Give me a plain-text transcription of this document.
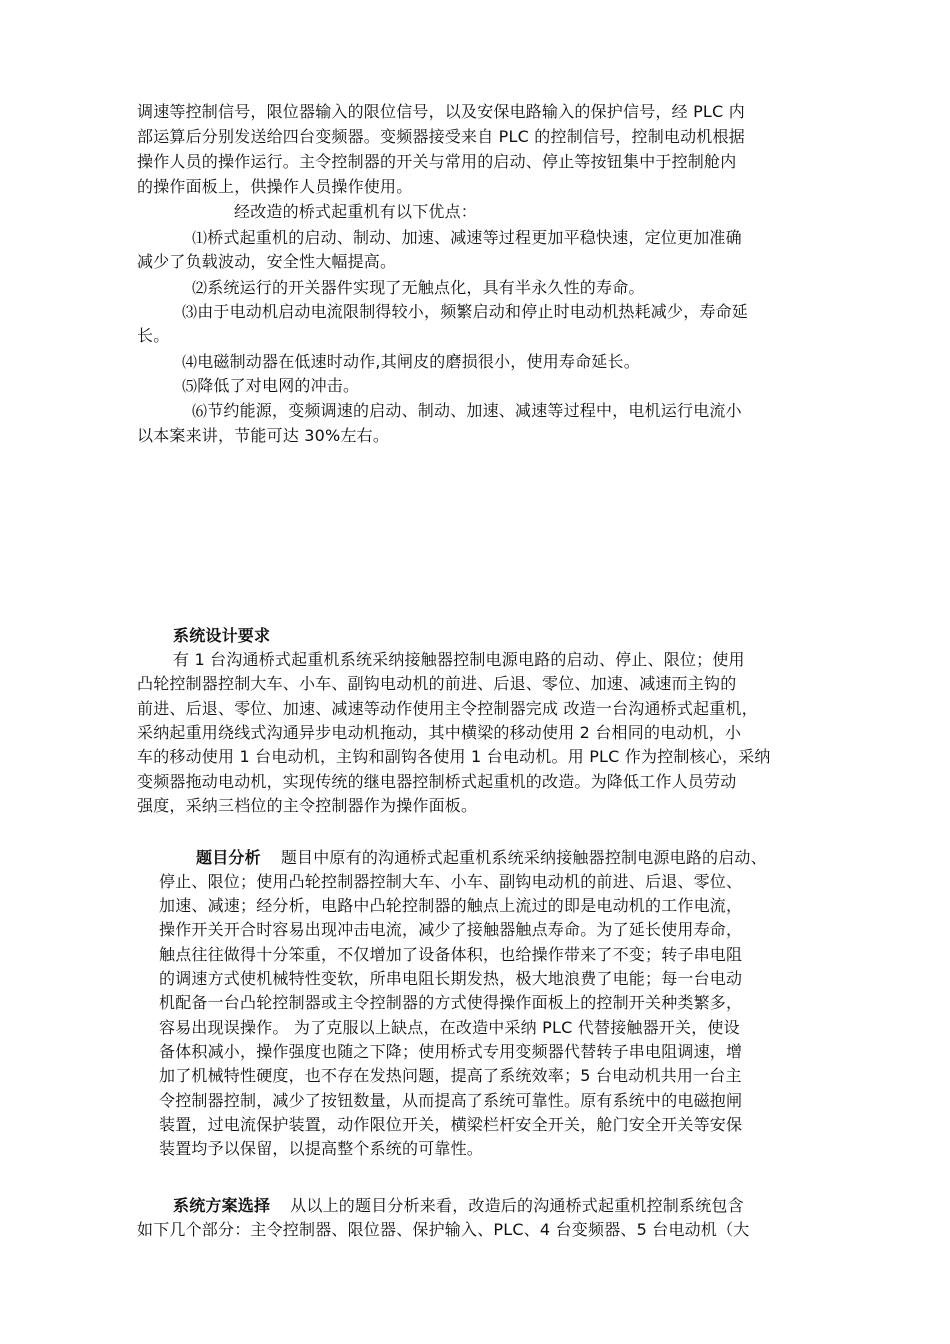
调速等控制信号，限位器输入的限位信号，以及安保电路输入的保护信号，经 PLC 内
部运算后分别发送给四台变频器。变频器接受来自 PLC 的控制信号，控制电动机根据
操作人员的操作运行。主令控制器的开关与常用的启动、停止等按钮集中于控制舱内
的操作面板上，供操作人员操作使用。
经改造的桥式起重机有以下优点：
⑴桥式起重机的启动、制动、加速、减速等过程更加平稳快速，定位更加准确
减少了负载波动，安全性大幅提高。
⑵系统运行的开关器件实现了无触点化，具有半永久性的寿命。
⑶由于电动机启动电流限制得较小，频繁启动和停止时电动机热耗减少，寿命延
长。
⑷电磁制动器在低速时动作,其闸皮的磨损很小，使用寿命延长。
⑸降低了对电网的冲击。
⑹节约能源，变频调速的启动、制动、加速、减速等过程中，电机运行电流小
以本案来讲，节能可达 30%左右。
系统设计要求
有 1 台沟通桥式起重机系统采纳接触器控制电源电路的启动、停止、限位；使用
凸轮控制器控制大车、小车、副钩电动机的前进、后退、零位、加速、减速而主钩的
前进、后退、零位、加速、减速等动作使用主令控制器完成 改造一台沟通桥式起重机，
采纳起重用绕线式沟通异步电动机拖动，其中横梁的移动使用 2 台相同的电动机，小
车的移动使用 1 台电动机，主钩和副钩各使用 1 台电动机。用 PLC 作为控制核心，采纳
变频器拖动电动机，实现传统的继电器控制桥式起重机的改造。为降低工作人员劳动
强度，采纳三档位的主令控制器作为操作面板。
题目分析 题目中原有的沟通桥式起重机系统采纳接触器控制电源电路的启动、
停止、限位；使用凸轮控制器控制大车、小车、副钩电动机的前进、后退、零位、
加速、减速；经分析，电路中凸轮控制器的触点上流过的即是电动机的工作电流，
操作开关开合时容易出现冲击电流，减少了接触器触点寿命。为了延长使用寿命，
触点往往做得十分笨重，不仅增加了设备体积，也给操作带来了不变；转子串电阻
的调速方式使机械特性变软，所串电阻长期发热，极大地浪费了电能；每一台电动
机配备一台凸轮控制器或主令控制器的方式使得操作面板上的控制开关种类繁多，
容易出现误操作。 为了克服以上缺点，在改造中采纳 PLC 代替接触器开关，使设
备体积减小，操作强度也随之下降；使用桥式专用变频器代替转子串电阻调速，增
加了机械特性硬度，也不存在发热问题，提高了系统效率；5 台电动机共用一台主
令控制器控制，减少了按钮数量，从而提高了系统可靠性。原有系统中的电磁抱闸
装置，过电流保护装置，动作限位开关，横梁栏杆安全开关，舱门安全开关等安保
装置均予以保留，以提高整个系统的可靠性。
系统方案选择 从以上的题目分析来看，改造后的沟通桥式起重机控制系统包含
如下几个部分：主令控制器、限位器、保护输入、PLC、4 台变频器、5 台电动机（大
